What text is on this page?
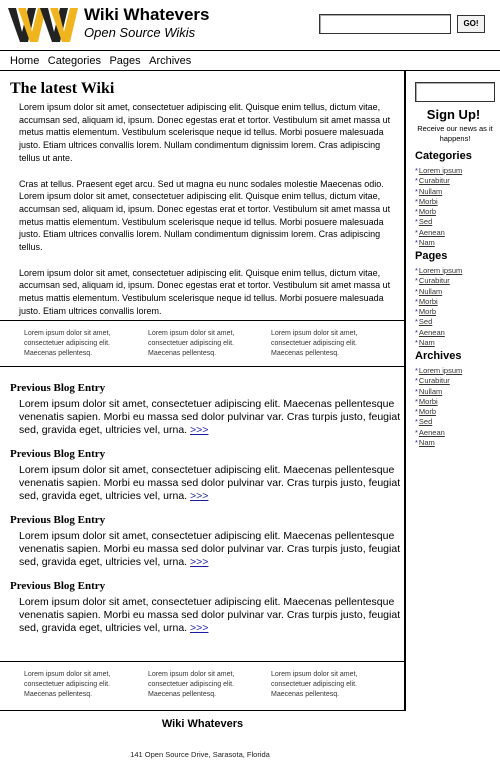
Wiki Whatevers
Open Source Wikis
GO!
Home Categories Pages Archives
The latest Wiki

Lorem ipsum dolor sit amet, consectetuer adipiscing elit. Quisque enim tellus, dictum vitae, accumsan sed, aliquam id, ipsum. Donec egestas erat et tortor. Vestibulum sit amet massa ut metus mattis elementum. Vestibulum scelerisque neque id tellus. Morbi posuere malesuada justo. Etiam ultrices convallis lorem. Nullam condimentum dignissim lorem. Cras adipiscing tellus ut ante.

Cras at tellus. Praesent eget arcu. Sed ut magna eu nunc sodales molestie Maecenas odio. Lorem ipsum dolor sit amet, consectetuer adipiscing elit. Quisque enim tellus, dictum vitae, accumsan sed, aliquam id, ipsum. Donec egestas erat et tortor. Vestibulum sit amet massa ut metus mattis elementum. Vestibulum scelerisque neque id tellus. Morbi posuere malesuada justo. Etiam ultrices convallis lorem. Nullam condimentum dignissim lorem. Cras adipiscing tellus.

Lorem ipsum dolor sit amet, consectetuer adipiscing elit. Quisque enim tellus, dictum vitae, accumsan sed, aliquam id, ipsum. Donec egestas erat et tortor. Vestibulum sit amet massa ut metus mattis elementum. Vestibulum scelerisque neque id tellus. Morbi posuere malesuada justo. Etiam ultrices convallis lorem.

Lorem ipsum dolor sit amet, consectetuer adipiscing elit. Maecenas pellentesq.
Lorem ipsum dolor sit amet, consectetuer adipiscing elit. Maecenas pellentesq.
Lorem ipsum dolor sit amet, consectetuer adipiscing elit. Maecenas pellentesq.
Previous Blog Entry
Lorem ipsum dolor sit amet, consectetuer adipiscing elit. Maecenas pellentesque venenatis sapien. Morbi eu massa sed dolor pulvinar var. Cras turpis justo, feugiat sed, gravida eget, ultricies vel, urna. >>>
Previous Blog Entry
Lorem ipsum dolor sit amet, consectetuer adipiscing elit. Maecenas pellentesque venenatis sapien. Morbi eu massa sed dolor pulvinar var. Cras turpis justo, feugiat sed, gravida eget, ultricies vel, urna. >>>
Previous Blog Entry
Lorem ipsum dolor sit amet, consectetuer adipiscing elit. Maecenas pellentesque venenatis sapien. Morbi eu massa sed dolor pulvinar var. Cras turpis justo, feugiat sed, gravida eget, ultricies vel, urna. >>>
Previous Blog Entry
Lorem ipsum dolor sit amet, consectetuer adipiscing elit. Maecenas pellentesque venenatis sapien. Morbi eu massa sed dolor pulvinar var. Cras turpis justo, feugiat sed, gravida eget, ultricies vel, urna. >>>
Lorem ipsum dolor sit amet, consectetuer adipiscing elit. Maecenas pellentesq.
Lorem ipsum dolor sit amet, consectetuer adipiscing elit. Maecenas pellentesq.
Lorem ipsum dolor sit amet, consectetuer adipiscing elit. Maecenas pellentesq.
Sign Up!
Receive our news as it happens!
Categories
*Lorem ipsum
*Curabitur
*Nullam
*Morbi
*Morb
*Sed
*Aenean
*Nam
Pages
*Lorem ipsum
*Curabitur
*Nullam
*Morbi
*Morb
*Sed
*Aenean
*Nam
Archives
*Lorem ipsum
*Curabitur
*Nullam
*Morbi
*Morb
*Sed
*Aenean
*Nam
Wiki Whatevers
141 Open Source Drive, Sarasota, Florida
